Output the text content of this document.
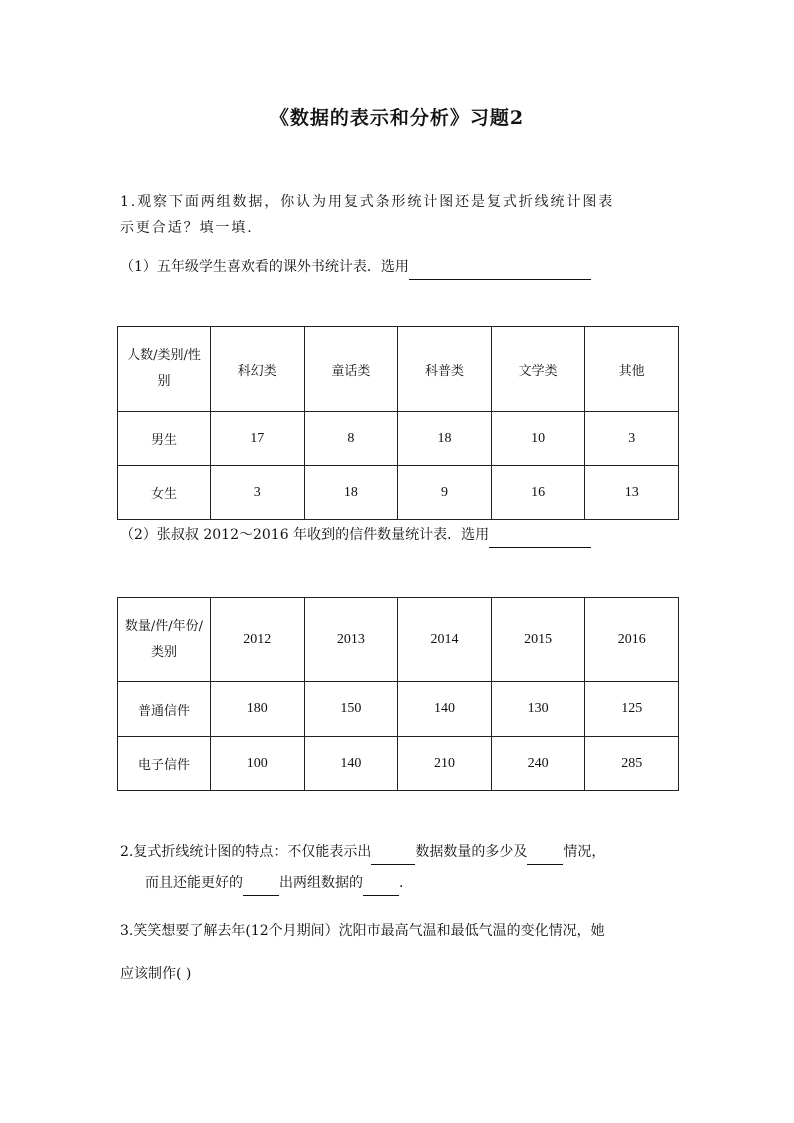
《数据的表示和分析》习题2
1.观察下面两组数据，你认为用复式条形统计图还是复式折线统计图表
示更合适？填一填.
（1）五年级学生喜欢看的课外书统计表．选用
人数/类别/性别	科幻类	童话类	科普类	文学类	其他
男生	17	8	18	10	3
女生	3	18	9	16	13
（2）张叔叔 2012～2016 年收到的信件数量统计表．选用
数量/件/年份/类别	2012	2013	2014	2015	2016
普通信件	180	150	140	130	125
电子信件	100	140	210	240	285
2.复式折线统计图的特点：不仅能表示出	数据数量的多少及	情况，
而且还能更好的	出两组数据的	.
3.笑笑想要了解去年(12个月期间）沈阳市最高气温和最低气温的变化情况，她
应该制作( )
